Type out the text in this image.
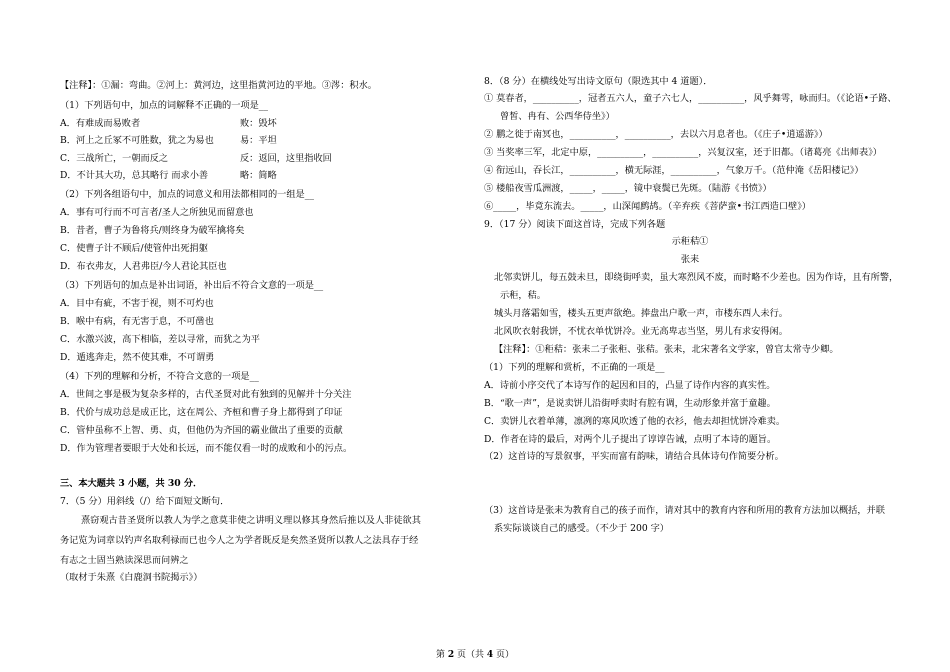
【注释】：①漏：弯曲。②河上：黄河边，这里指黄河边的平地。③涔：积水。
（1）下列语句中，加点的词解释不正确的一项是__
A．有难成而易败者	败：毁坏
B．河上之丘冢不可胜数，犹之为易也	易：平坦
C．三战所亡，一朝而反之	反：返回，这里指收回
D．不计其大功，总其略行 而求小善	略：简略
（2）下列各组语句中，加点的词意义和用法都相同的一组是__
A．事有可行而不可言者/圣人之所独见而留意也
B．昔者，曹子为鲁将兵/则终身为破军擒将矣
C．使曹子计不顾后/使管仲出死捐躯
D．布衣弗友，人君弗臣/今人君论其臣也
（3）下列语句的加点是补出词语，补出后不符合文意的一项是__
A．目中有疵，不害于视，则不可灼也
B．喉中有病，有无害于息，不可凿也
C．水激兴波，高下相临，差以寻常，而犹之为平
D．遁逃奔走，然不使其难，不可谓勇
（4）下列的理解和分析，不符合文意的一项是__
A．世间之事是极为复杂多样的，古代圣贤对此有独到的见解并十分关注
B．代价与成功总是成正比，这在周公、齐桓和曹子身上都得到了印证
C．管仲虽称不上智、勇、贞，但他仍为齐国的霸业做出了重要的贡献
D．作为管理者要眼于大处和长远，而不能仅看一时的成败和小的污点。
三、本大题共 3 小题，共 30 分．
7．（5 分）用斜线（/）给下面短文断句．
熹窃观古昔圣贤所以教人为学之意莫非使之讲明义理以修其身然后推以及人非徒欲其
务记览为词章以钓声名取利禄而已也今人之为学者既反是矣然圣贤所以教人之法具存于经
有志之士固当熟读深思而问辨之
（取材于朱熹《白鹿洞书院揭示》）
8．（8 分）在横线处写出诗文原句（限选其中 4 道题）．
① 莫春者，__________，冠者五六人，童子六七人，__________，风乎舞雩，咏而归。（《论语•子路、
曾皙、冉有、公西华侍坐》）
② 鹏之徙于南冥也，__________，__________，去以六月息者也。（《庄子•逍遥游》）
③ 当奖率三军，北定中原，__________，__________，兴复汉室，还于旧都。（诸葛亮《出师表》）
④ 衔远山，吞长江，__________，横无际涯，__________，气象万千。（范仲淹《岳阳楼记》）
⑤ 楼船夜雪瓜洲渡，_____，_____，镜中衰鬓已先斑。（陆游《书愤》）
⑥_____，毕竟东流去。_____，山深闻鹧鸪。（辛弃疾《菩萨蛮•书江西造口壁》）
9．（17 分）阅读下面这首诗，完成下列各题
示秬秸①
张耒
北邻卖饼儿，每五鼓未旦，即绕街呼卖，虽大寒烈风不废，而时略不少差也。因为作诗，且有所警，
示秬，秸。
城头月落霜如雪，楼头五更声欲绝。捧盘出户歌一声，市楼东西人未行。
北风吹衣射我饼，不忧衣单忧饼冷。业无高卑志当坚，男儿有求安得闲。
【注释】：①秬秸：张耒二子张秬、张秸。张耒，北宋著名文学家，曾官太常寺少卿。
（1）下列的理解和赏析，不正确的一项是__
A．诗前小序交代了本诗写作的起因和目的，凸显了诗作内容的真实性。
B．“歌一声”，是说卖饼儿沿街呼卖时有腔有调，生动形象并富于童趣。
C．卖饼儿衣着单薄，凛冽的寒风吹透了他的衣衫，他去却担忧饼冷难卖。
D．作者在诗的最后，对两个儿子提出了谆谆告诫，点明了本诗的题旨。
（2）这首诗的写景叙事，平实而富有韵味，请结合具体诗句作简要分析。
（3）这首诗是张耒为教育自己的孩子而作，请对其中的教育内容和所用的教育方法加以概括，并联
系实际谈谈自己的感受。（不少于 200 字）
第 2 页（共 4 页）
